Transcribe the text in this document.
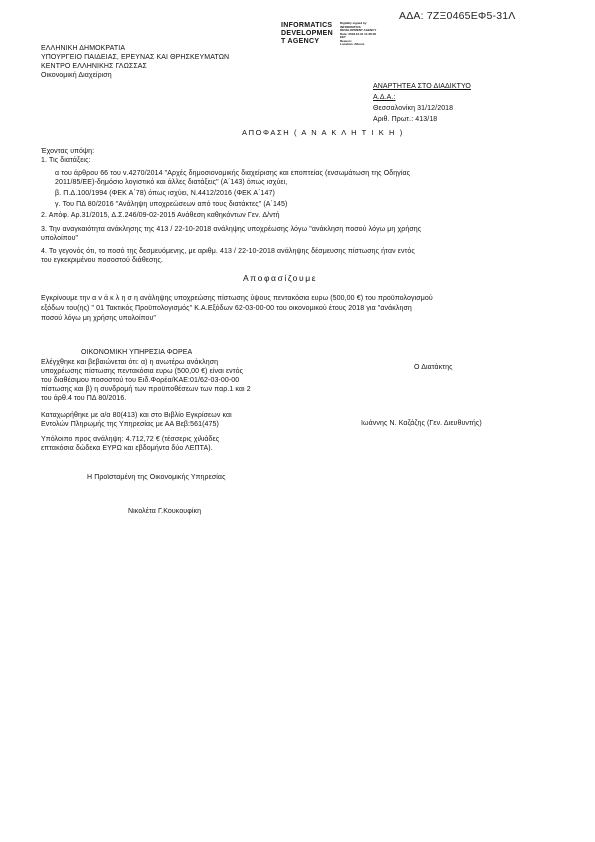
ΑΔΑ: 7ΖΞ0465ΕΦ5-31Λ
INFORMATICS
DEVELOPMEN
T AGENCY
Digitally signed by
INFORMATICS
DEVELOPMENT AGENCY
Date: 2018.12.31 11:38:46
EET
Reason:
Location: Athens
ΕΛΛΗΝΙΚΗ ΔΗΜΟΚΡΑΤΙΑ
ΥΠΟΥΡΓΕΙΟ ΠΑΙΔΕΙΑΣ, ΕΡΕΥΝΑΣ ΚΑΙ ΘΡΗΣΚΕΥΜΑΤΩΝ
ΚΕΝΤΡΟ ΕΛΛΗΝΙΚΗΣ ΓΛΩΣΣΑΣ
Οικονομική Διαχείριση
ΑΝΑΡΤΗΤΕΑ ΣΤΟ ΔΙΑΔΙΚΤΥΟ
Α.Δ.Α.:
Θεσσαλονίκη 31/12/2018
Αριθ. Πρωτ.: 413/18
ΑΠΟΦΑΣΗ ( Α Ν Α Κ Λ Η Τ Ι Κ Η )
Έχοντας υπόψη:
1. Τις διατάξεις:
α του άρθρου 66 του ν.4270/2014 "Αρχές δημοσιονομικής διαχείρισης και εποπτείας (ενσωμάτωση της Οδηγίας
2011/85/ΕΕ)-δημόσιο λογιστικό και άλλες διατάξεις" (Α΄143) όπως ισχύει,
β. Π.Δ.100/1994 (ΦΕΚ Α΄78) όπως ισχύει, Ν.4412/2016 (ΦΕΚ Α΄147)
γ. Του ΠΔ 80/2016 "Ανάληψη υποχρεώσεων από τους διατάκτες" (Α΄145)
2. Απόφ. Αρ.31/2015, Δ.Σ.246/09-02-2015 Ανάθεση καθηκόντων Γεν. Δ/ντή
3. Την αναγκαιότητα ανάκλησης της 413 / 22-10-2018 ανάληψης υποχρέωσης λόγω "ανάκληση ποσού λόγω μη χρήσης
υπολοίπου"
4. Το γεγονός ότι, το ποσό της δεσμευόμενης, με αριθμ. 413 / 22-10-2018 ανάληψης δέσμευσης πίστωσης ήταν εντός
του εγκεκριμένου ποσοστού διάθεσης.
Αποφασίζουμε
Εγκρίνουμε την α ν ά κ λ η σ η ανάληψης υποχρεώσης πίστωσης ύψους πεντακόσια ευρω (500,00 €) του προϋπολογισμού
εξόδων του(ης) " 01 Τακτικός Προϋπολογισμός" Κ.Α.Εξόδων 62-03-00-00 του οικονομικού έτους 2018 για "ανάκληση
ποσού λόγω μη χρήσης υπολοίπου"
ΟΙΚΟΝΟΜΙΚΗ ΥΠΗΡΕΣΙΑ ΦΟΡΕΑ
Ελέγχθηκε και βεβαιώνεται ότι: α) η ανωτέρω ανάκληση
υποχρέωσης πίστωσης πεντακόσια ευρω (500,00 €) είναι εντός
του διαθέσιμου ποσοστού του Ειδ.Φορέα/ΚΑΕ:01/62-03-00-00
πίστωσης και β) η συνδρομή των προϋποθέσεων των παρ.1 και 2
του άρθ.4 του ΠΔ 80/2016.
Καταχωρήθηκε με α/α 80(413) και στο Βιβλίο Εγκρίσεων και
Εντολών Πληρωμής της Υπηρεσίας με ΑΑ Βεβ:561(475)
Υπόλοιπο προς ανάληψη: 4.712,72 € (τέσσερις χιλιάδες
επτακόσια δώδεκα ΕΥΡΩ και εβδομήντα δύο ΛΕΠΤΑ).
Ο Διατάκτης
Ιωάννης Ν. Καζάζης (Γεν. Διευθυντής)
Η Προϊσταμένη της Οικονομικής Υπηρεσίας
Νικολέτα Γ.Κουκουφίκη
